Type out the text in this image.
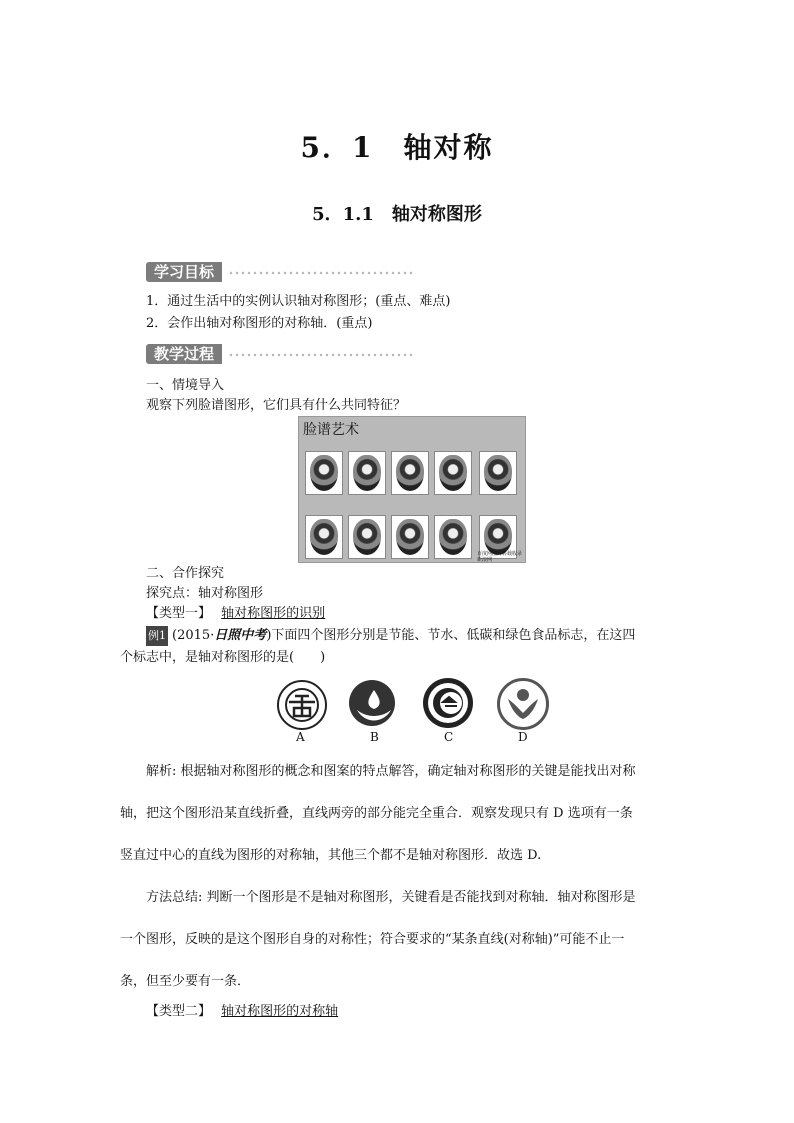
5．1　轴对称
5．1.1　轴对称图形
学习目标
1．通过生活中的实例认识轴对称图形；(重点、难点)
2．会作出轴对称图形的对称轴．(重点)
教学过程
一、情境导入
观察下列脸谱图形，它们具有什么共同特征？
脸谱艺术
百度网图片转载收录新浪网
二、合作探究
探究点：轴对称图形
【类型一】 轴对称图形的识别
例1 (2015·日照中考)下面四个图形分别是节能、节水、低碳和绿色食品标志，在这四
个标志中，是轴对称图形的是(　　)
A	B	C	D
解析: 根据轴对称图形的概念和图案的特点解答，确定轴对称图形的关键是能找出对称
轴，把这个图形沿某直线折叠，直线两旁的部分能完全重合．观察发现只有 D 选项有一条
竖直过中心的直线为图形的对称轴，其他三个都不是轴对称图形．故选 D.
方法总结: 判断一个图形是不是轴对称图形，关键看是否能找到对称轴．轴对称图形是
一个图形，反映的是这个图形自身的对称性；符合要求的“某条直线(对称轴)”可能不止一
条，但至少要有一条．
【类型二】 轴对称图形的对称轴
